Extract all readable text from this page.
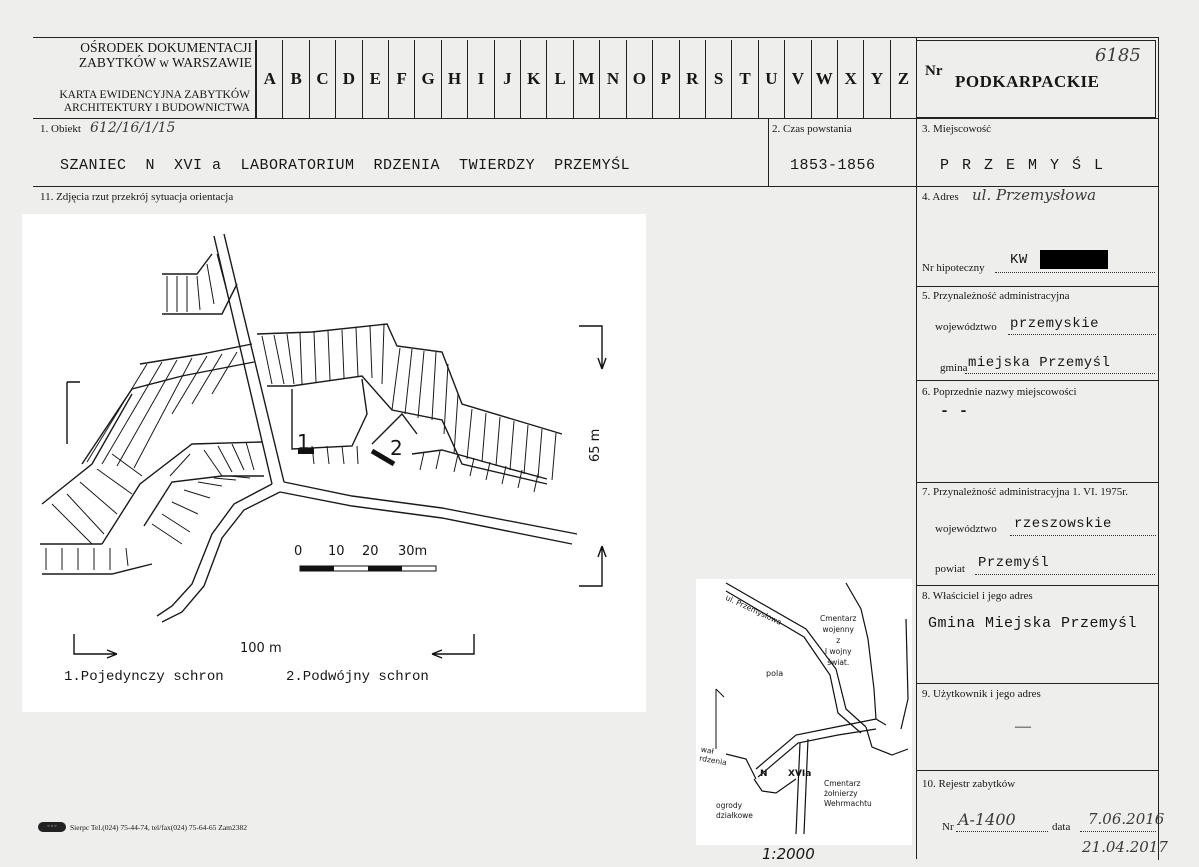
OŚRODEK DOKUMENTACJI
ZABYTKÓW w WARSZAWIE
KARTA EWIDENCYJNA ZABYTKÓW
ARCHITEKTURY I BUDOWNICTWA
A B C D E F G H I	J K L M N O P R S T U V W X Y Z	Nr
6185
PODKARPACKIE
1. Obiekt 612/16/1/15
SZANIEC  N  XVI a  LABORATORIUM  RDZENIA  TWIERDZY  PRZEMYŚL
2. Czas powstania
1853-1856
3. Miejscowość
P R Z E M Y Ś L
11. Zdjęcia rzut przekrój sytuacja orientacja	4. Adres ul. Przemysłowa
Nr hipoteczny KW
5. Przynależność administracyjna
województwo przemyskie
gmina miejska Przemyśl
6. Poprzednie nazwy miejscowości
- -
7. Przynależność administracyjna 1. VI. 1975r.
województwo rzeszowskie
powiat Przemyśl
8. Właściciel i jego adres
Gmina Miejska Przemyśl
9. Użytkownik i jego adres
—
10. Rejestr zabytków
Nr A-1400	data 7.06.2016
21.04.2017
1	2
0 10 20 30m
65 m
100 m
1.Pojedynczy schron	2.Podwójny schron
ul. Przemysłowa	Cmentarz
wojenny
z
I wojny
świat.
pola
wał
rdzenia
N XVIa
Cmentarz
żołnierzy
Wehrmachtu
ogrody
działkowe
◦◦◦	Sierpc Tel.(024) 75-44-74, tel/fax(024) 75-64-65 Zam2382
1:2000
